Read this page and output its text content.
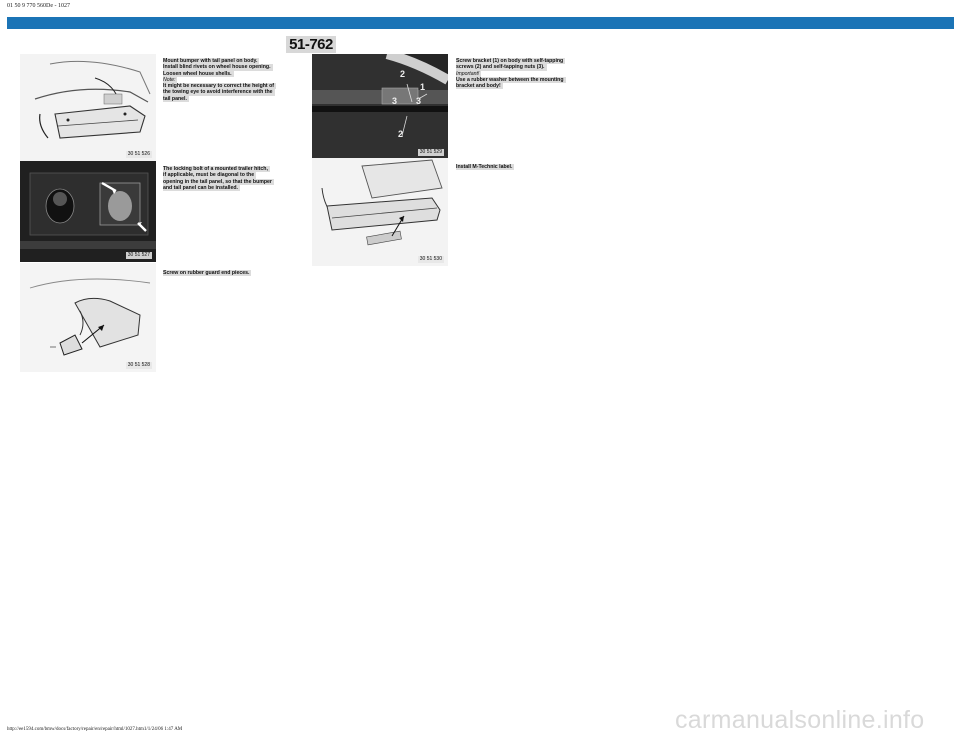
01 50 9 770 560De - 1027
51-762
30 51 526
30 51 527
30 51 528
2
1
3 3
2
30 51 529
30 51 530
Mount bumper with tail panel on body.
Install blind rivets on wheel house opening.
Loosen wheel house shells.
Note:
It might be necessary to correct the height of
the towing eye to avoid interference with the
tail panel.
The locking bolt of a mounted trailer hitch,
if applicable, must be diagonal to the
opening in the tail panel, so that the bumper
and tail panel can be installed.
Screw on rubber guard end pieces.
Screw bracket (1) on body with self-tapping
screws (2) and self-tapping nuts (3).
Important!
Use a rubber washer between the mounting
bracket and body!
Install M-Technic label.
http://ee1594.com/bmw/docs/factory/repair/en/repair/html/1027.htm1/1/24/06 1:47 AM	carmanualsonline.info
